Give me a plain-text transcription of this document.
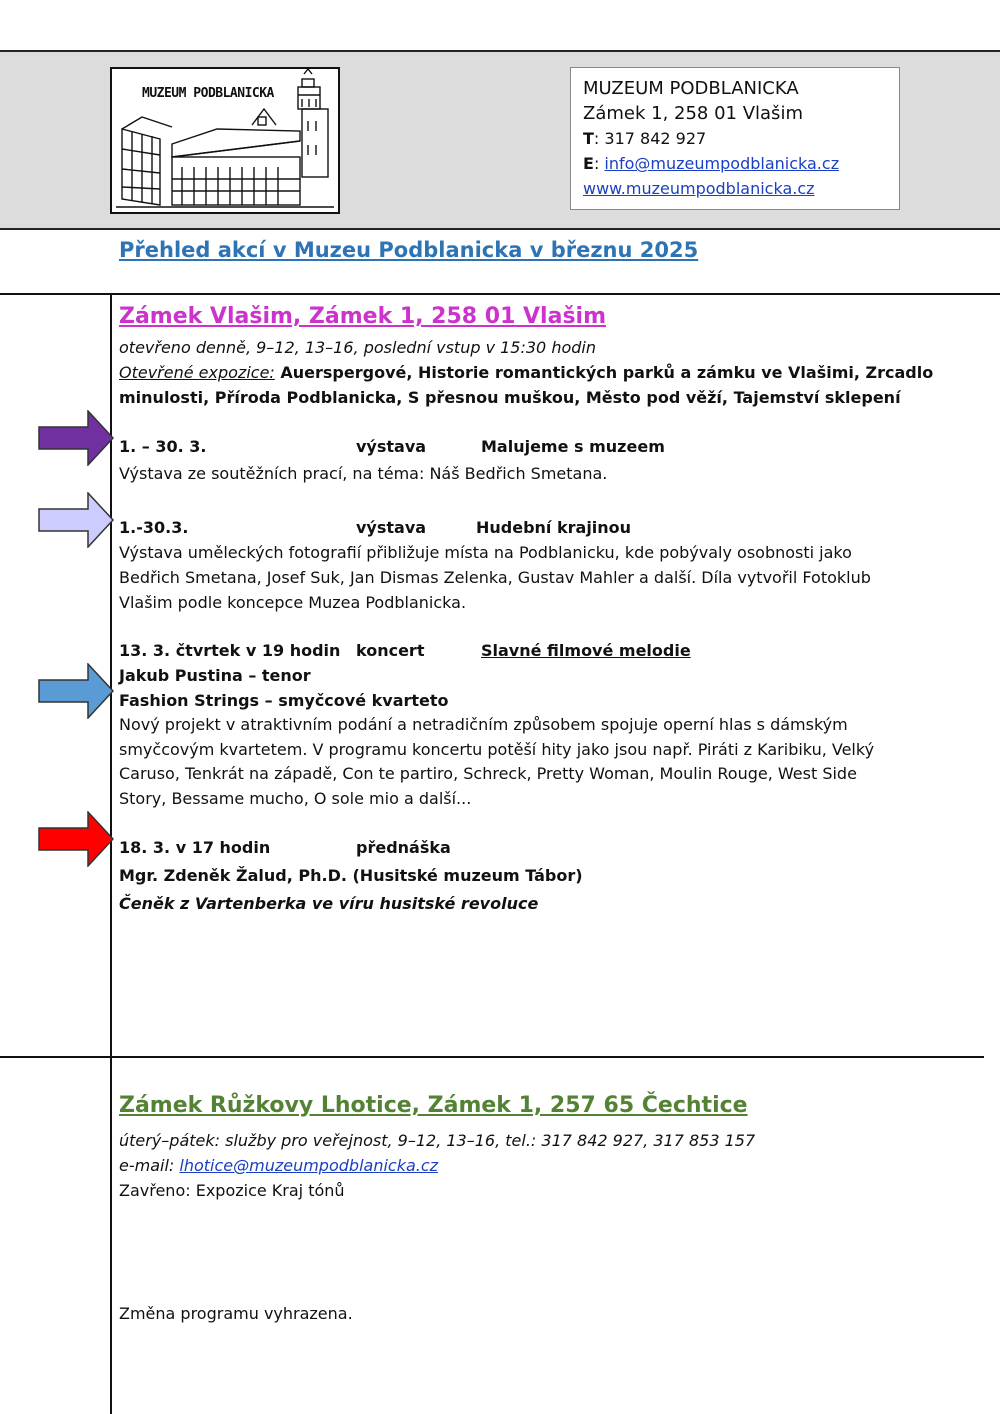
MUZEUM PODBLANICKA	MUZEUM PODBLANICKA
Zámek 1, 258 01 Vlašim
T: 317 842 927
E: info@muzeumpodblanicka.cz
www.muzeumpodblanicka.cz
Přehled akcí v Muzeu Podblanicka v březnu 2025
Zámek Vlašim, Zámek 1, 258 01 Vlašim
otevřeno denně, 9–12, 13–16, poslední vstup v 15:30 hodin
Otevřené expozice: Auerspergové, Historie romantických parků a zámku ve Vlašimi, Zrcadlo
minulosti, Příroda Podblanicka, S přesnou muškou, Město pod věží, Tajemství sklepení
1. – 30. 3.	výstava	Malujeme s muzeem
Výstava ze soutěžních prací, na téma: Náš Bedřich Smetana.
1.-30.3.	výstava	Hudební krajinou
Výstava uměleckých fotografií přibližuje místa na Podblanicku, kde pobývaly osobnosti jako
Bedřich Smetana, Josef Suk, Jan Dismas Zelenka, Gustav Mahler a další. Díla vytvořil Fotoklub
Vlašim podle koncepce Muzea Podblanicka.
13. 3. čtvrtek v 19 hodin koncert	Slavné filmové melodie
Jakub Pustina – tenor
Fashion Strings – smyčcové kvarteto
Nový projekt v atraktivním podání a netradičním způsobem spojuje operní hlas s dámským
smyčcovým kvartetem. V programu koncertu potěší hity jako jsou např. Piráti z Karibiku, Velký
Caruso, Tenkrát na západě, Con te partiro, Schreck, Pretty Woman, Moulin Rouge, West Side
Story, Bessame mucho, O sole mio a další...
18. 3. v 17 hodin	přednáška
Mgr. Zdeněk Žalud, Ph.D. (Husitské muzeum Tábor)
Čeněk z Vartenberka ve víru husitské revoluce
Zámek Růžkovy Lhotice, Zámek 1, 257 65 Čechtice
úterý–pátek: služby pro veřejnost, 9–12, 13–16, tel.: 317 842 927, 317 853 157
e-mail: lhotice@muzeumpodblanicka.cz
Zavřeno: Expozice Kraj tónů
Změna programu vyhrazena.
